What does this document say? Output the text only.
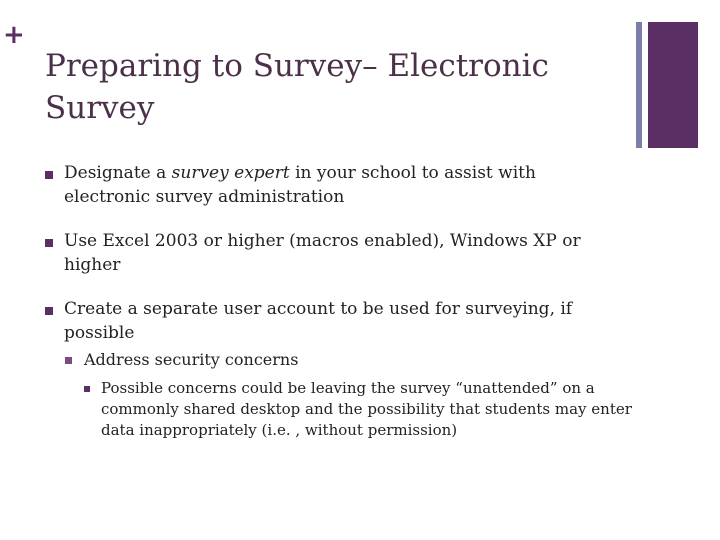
+
Preparing to Survey– Electronic Survey
Designate a survey expert in your school to assist with electronic survey administration
Use Excel 2003 or higher (macros enabled), Windows XP or higher
Create a separate user account to be used for surveying, if possible
Address security concerns
Possible concerns could be leaving the survey “unattended” on a commonly shared desktop and the possibility that students may enter data inappropriately (i.e. , without permission)
